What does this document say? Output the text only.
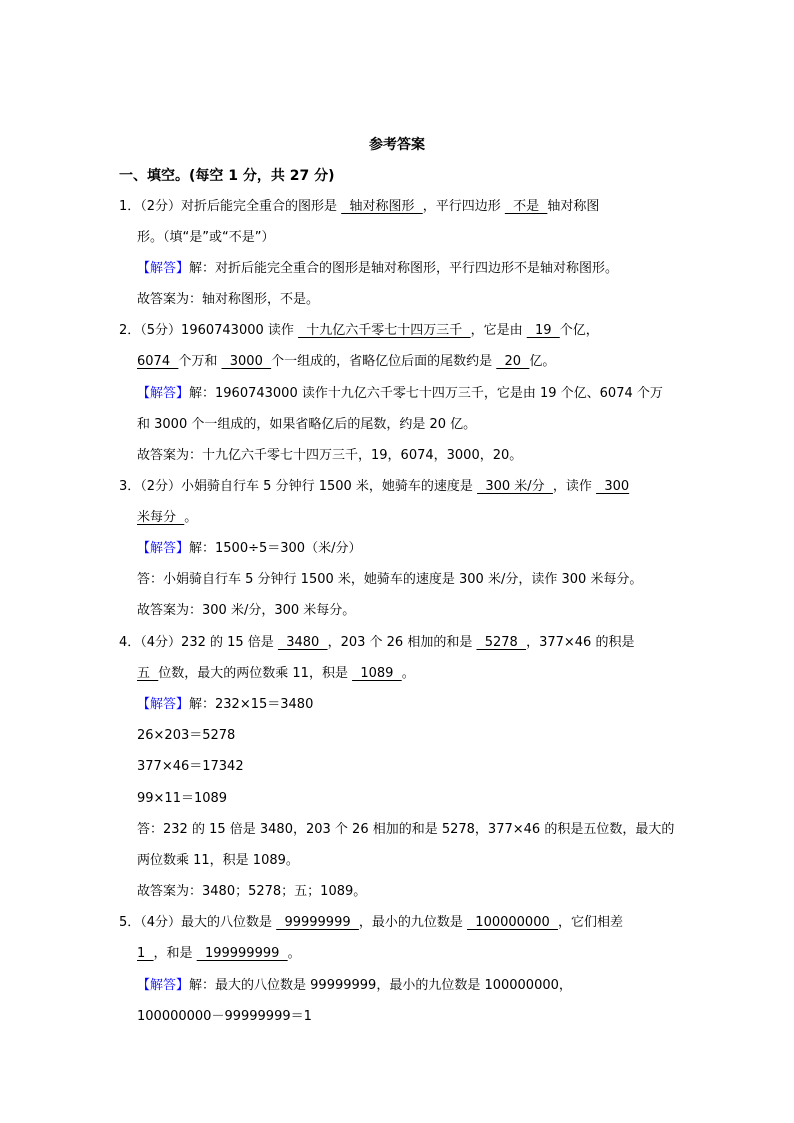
参考答案
一、填空。(每空 1 分，共 27 分)
1．（2分）对折后能完全重合的图形是   轴对称图形  ，平行四边形   不是  轴对称图
形。（填“是”或“不是”）
【解答】解：对折后能完全重合的图形是轴对称图形，平行四边形不是轴对称图形。
故答案为：轴对称图形，不是。
2．（5分）1960743000 读作   十九亿六千零七十四万三千  ，它是由   19  个亿，
6074  个万和   3000  个一组成的，省略亿位后面的尾数约是   20  亿。
【解答】解：1960743000 读作十九亿六千零七十四万三千，它是由 19 个亿、6074 个万
和 3000 个一组成的，如果省略亿后的尾数，约是 20 亿。
故答案为：十九亿六千零七十四万三千，19，6074，3000，20。
3．（2分）小娟骑自行车 5 分钟行 1500 米，她骑车的速度是   300 米/分  ，读作   300
米每分  。
【解答】解：1500÷5＝300（米/分）
答：小娟骑自行车 5 分钟行 1500 米，她骑车的速度是 300 米/分，读作 300 米每分。
故答案为：300 米/分，300 米每分。
4．（4分）232 的 15 倍是   3480  ，203 个 26 相加的和是   5278  ，377×46 的积是
五  位数，最大的两位数乘 11，积是   1089  。
【解答】解：232×15＝3480
26×203＝5278
377×46＝17342
99×11＝1089
答：232 的 15 倍是 3480，203 个 26 相加的和是 5278，377×46 的积是五位数，最大的
两位数乘 11，积是 1089。
故答案为：3480；5278；五；1089。
5．（4分）最大的八位数是   99999999  ，最小的九位数是   100000000  ，它们相差
1  ，和是   199999999  。
【解答】解：最大的八位数是 99999999，最小的九位数是 100000000，
100000000－99999999＝1
